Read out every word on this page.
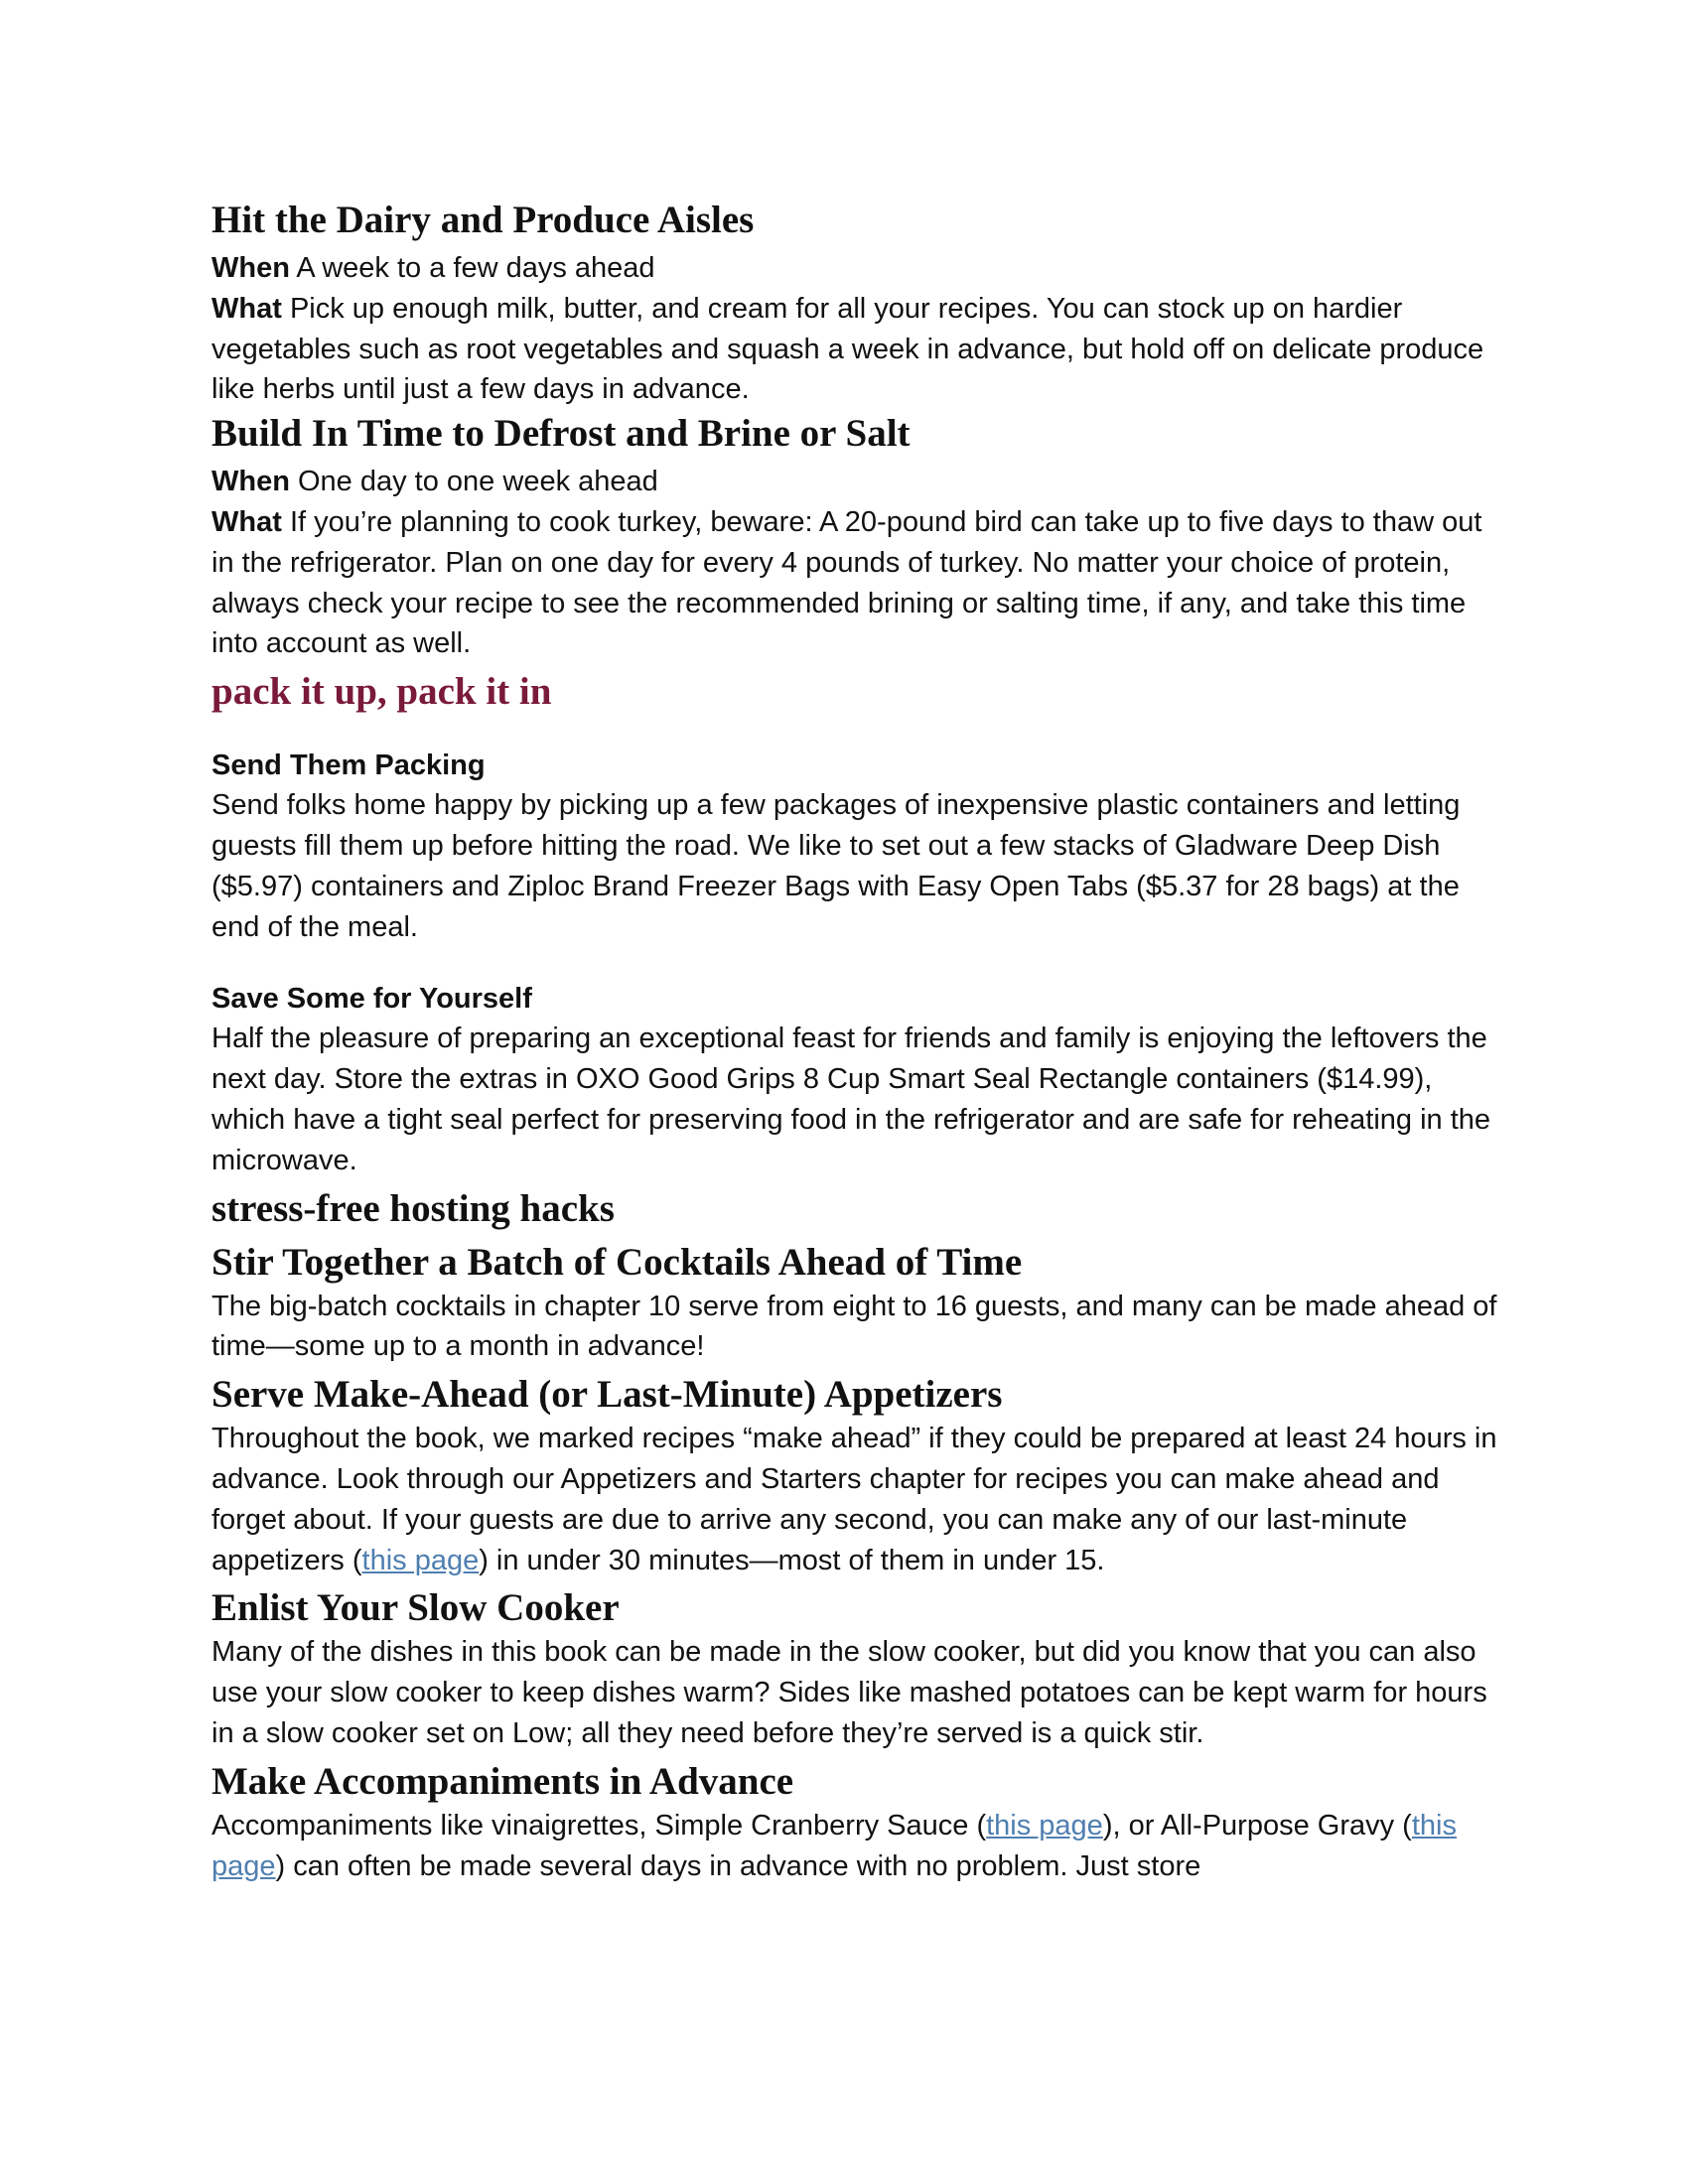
Hit the Dairy and Produce Aisles

When A week to a few days ahead

What Pick up enough milk, butter, and cream for all your recipes. You can stock up on hardier vegetables such as root vegetables and squash a week in advance, but hold off on delicate produce like herbs until just a few days in advance.

Build In Time to Defrost and Brine or Salt

When One day to one week ahead

What If you’re planning to cook turkey, beware: A 20-pound bird can take up to five days to thaw out in the refrigerator. Plan on one day for every 4 pounds of turkey. No matter your choice of protein, always check your recipe to see the recommended brining or salting time, if any, and take this time into account as well.

pack it up, pack it in
Send Them Packing

Send folks home happy by picking up a few packages of inexpensive plastic containers and letting guests fill them up before hitting the road. We like to set out a few stacks of Gladware Deep Dish ($5.97) containers and Ziploc Brand Freezer Bags with Easy Open Tabs ($5.37 for 28 bags) at the end of the meal.

Save Some for Yourself

Half the pleasure of preparing an exceptional feast for friends and family is enjoying the leftovers the next day. Store the extras in OXO Good Grips 8 Cup Smart Seal Rectangle containers ($14.99), which have a tight seal perfect for preserving food in the refrigerator and are safe for reheating in the microwave.

stress-free hosting hacks
Stir Together a Batch of Cocktails Ahead of Time

The big-batch cocktails in chapter 10 serve from eight to 16 guests, and many can be made ahead of time—some up to a month in advance!

Serve Make-Ahead (or Last-Minute) Appetizers

Throughout the book, we marked recipes “make ahead” if they could be prepared at least 24 hours in advance. Look through our Appetizers and Starters chapter for recipes you can make ahead and forget about. If your guests are due to arrive any second, you can make any of our last-minute appetizers (this page) in under 30 minutes—most of them in under 15.

Enlist Your Slow Cooker

Many of the dishes in this book can be made in the slow cooker, but did you know that you can also use your slow cooker to keep dishes warm? Sides like mashed potatoes can be kept warm for hours in a slow cooker set on Low; all they need before they’re served is a quick stir.

Make Accompaniments in Advance

Accompaniments like vinaigrettes, Simple Cranberry Sauce (this page), or All-Purpose Gravy (this page) can often be made several days in advance with no problem. Just store
